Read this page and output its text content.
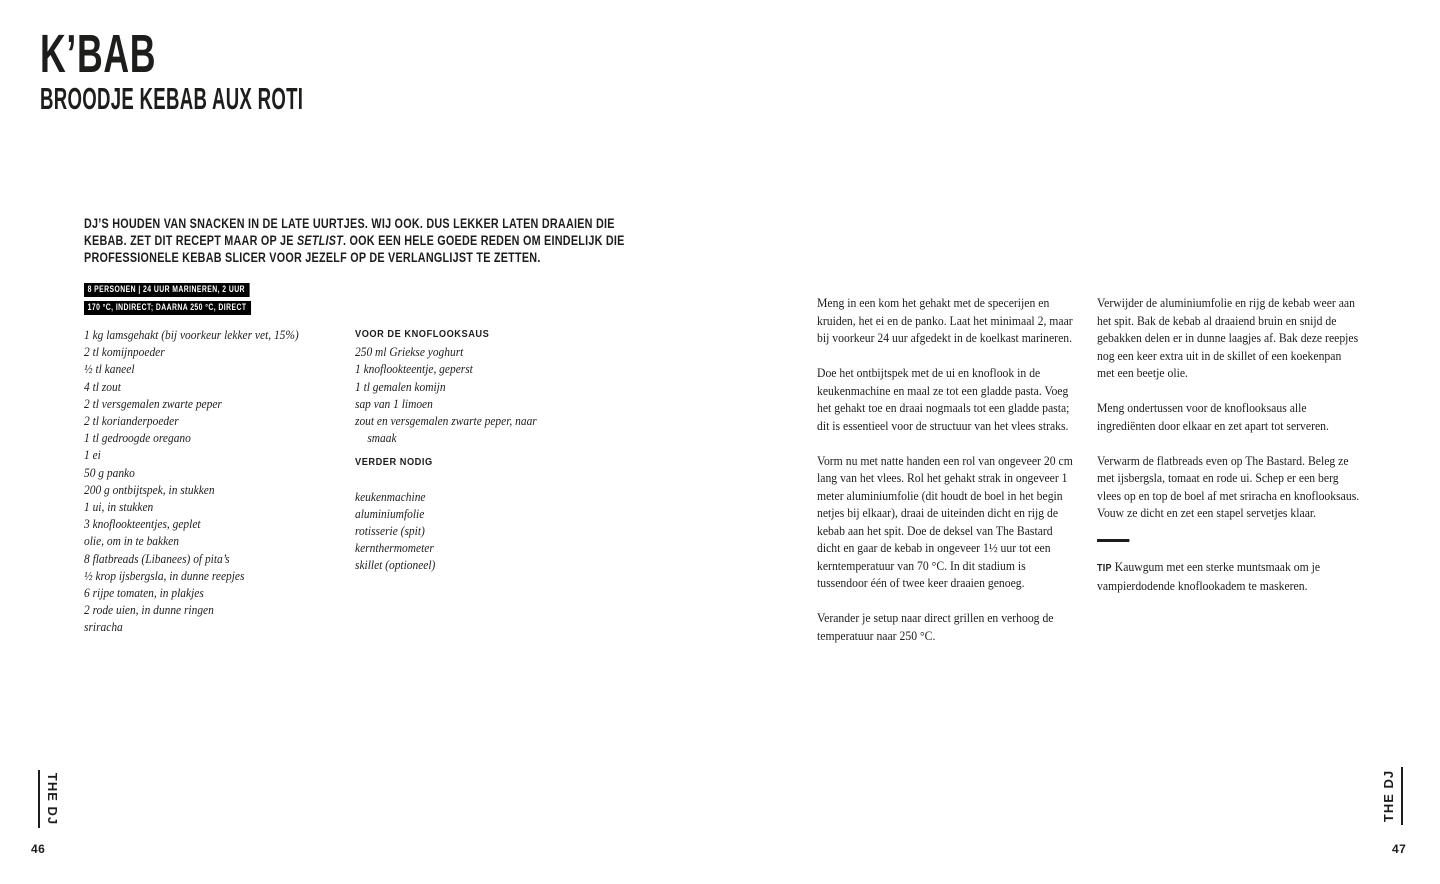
K’BAB
BROODJE KEBAB AUX ROTI
DJ’S HOUDEN VAN SNACKEN IN DE LATE UURTJES. WIJ OOK. DUS LEKKER LATEN DRAAIEN DIE
KEBAB. ZET DIT RECEPT MAAR OP JE SETLIST. OOK EEN HELE GOEDE REDEN OM EINDELIJK DIE
PROFESSIONELE KEBAB SLICER VOOR JEZELF OP DE VERLANGLIJST TE ZETTEN.
8 PERSONEN | 24 UUR MARINEREN, 2 UUR
170 °C, INDIRECT; DAARNA 250 °C, DIRECT
1 kg lamsgehakt (bij voorkeur lekker vet, 15%)
2 tl komijnpoeder
½ tl kaneel
4 tl zout
2 tl versgemalen zwarte peper
2 tl korianderpoeder
1 tl gedroogde oregano
1 ei
50 g panko
200 g ontbijtspek, in stukken
1 ui, in stukken
3 knoflookteentjes, geplet
olie, om in te bakken
8 flatbreads (Libanees) of pita’s
½ krop ijsbergsla, in dunne reepjes
6 rijpe tomaten, in plakjes
2 rode uien, in dunne ringen
sriracha
VOOR DE KNOFLOOKSAUS
250 ml Griekse yoghurt
1 knoflookteentje, geperst
1 tl gemalen komijn
sap van 1 limoen
zout en versgemalen zwarte peper, naar
smaak
VERDER NODIG
keukenmachine
aluminiumfolie
rotisserie (spit)
kernthermometer
skillet (optioneel)
THE DJ
46

Meng in een kom het gehakt met de specerijen en kruiden, het ei en de panko. Laat het minimaal 2, maar bij voorkeur 24 uur afgedekt in de koelkast marineren.

Doe het ontbijtspek met de ui en knoflook in de keukenmachine en maal ze tot een gladde pasta. Voeg het gehakt toe en draai nogmaals tot een gladde pasta; dit is essentieel voor de structuur van het vlees straks.

Vorm nu met natte handen een rol van ongeveer 20 cm lang van het vlees. Rol het gehakt strak in ongeveer 1 meter aluminiumfolie (dit houdt de boel in het begin netjes bij elkaar), draai de uiteinden dicht en rijg de kebab aan het spit. Doe de deksel van The Bastard dicht en gaar de kebab in ongeveer 1½ uur tot een kerntemperatuur van 70 °C. In dit stadium is tussendoor één of twee keer draaien genoeg.

Verander je setup naar direct grillen en verhoog de temperatuur naar 250 °C.

Verwijder de aluminiumfolie en rijg de kebab weer aan het spit. Bak de kebab al draaiend bruin en snijd de gebakken delen er in dunne laagjes af. Bak deze reepjes nog een keer extra uit in de skillet of een koekenpan met een beetje olie.

Meng ondertussen voor de knoflooksaus alle ingrediënten door elkaar en zet apart tot serveren.

Verwarm de flatbreads even op The Bastard. Beleg ze met ijsbergsla, tomaat en rode ui. Schep er een berg vlees op en top de boel af met sriracha en knoflooksaus. Vouw ze dicht en zet een stapel servetjes klaar.

TIP Kauwgum met een sterke muntsmaak om je vampierdodende knoflookadem te maskeren.

THE DJ
47
